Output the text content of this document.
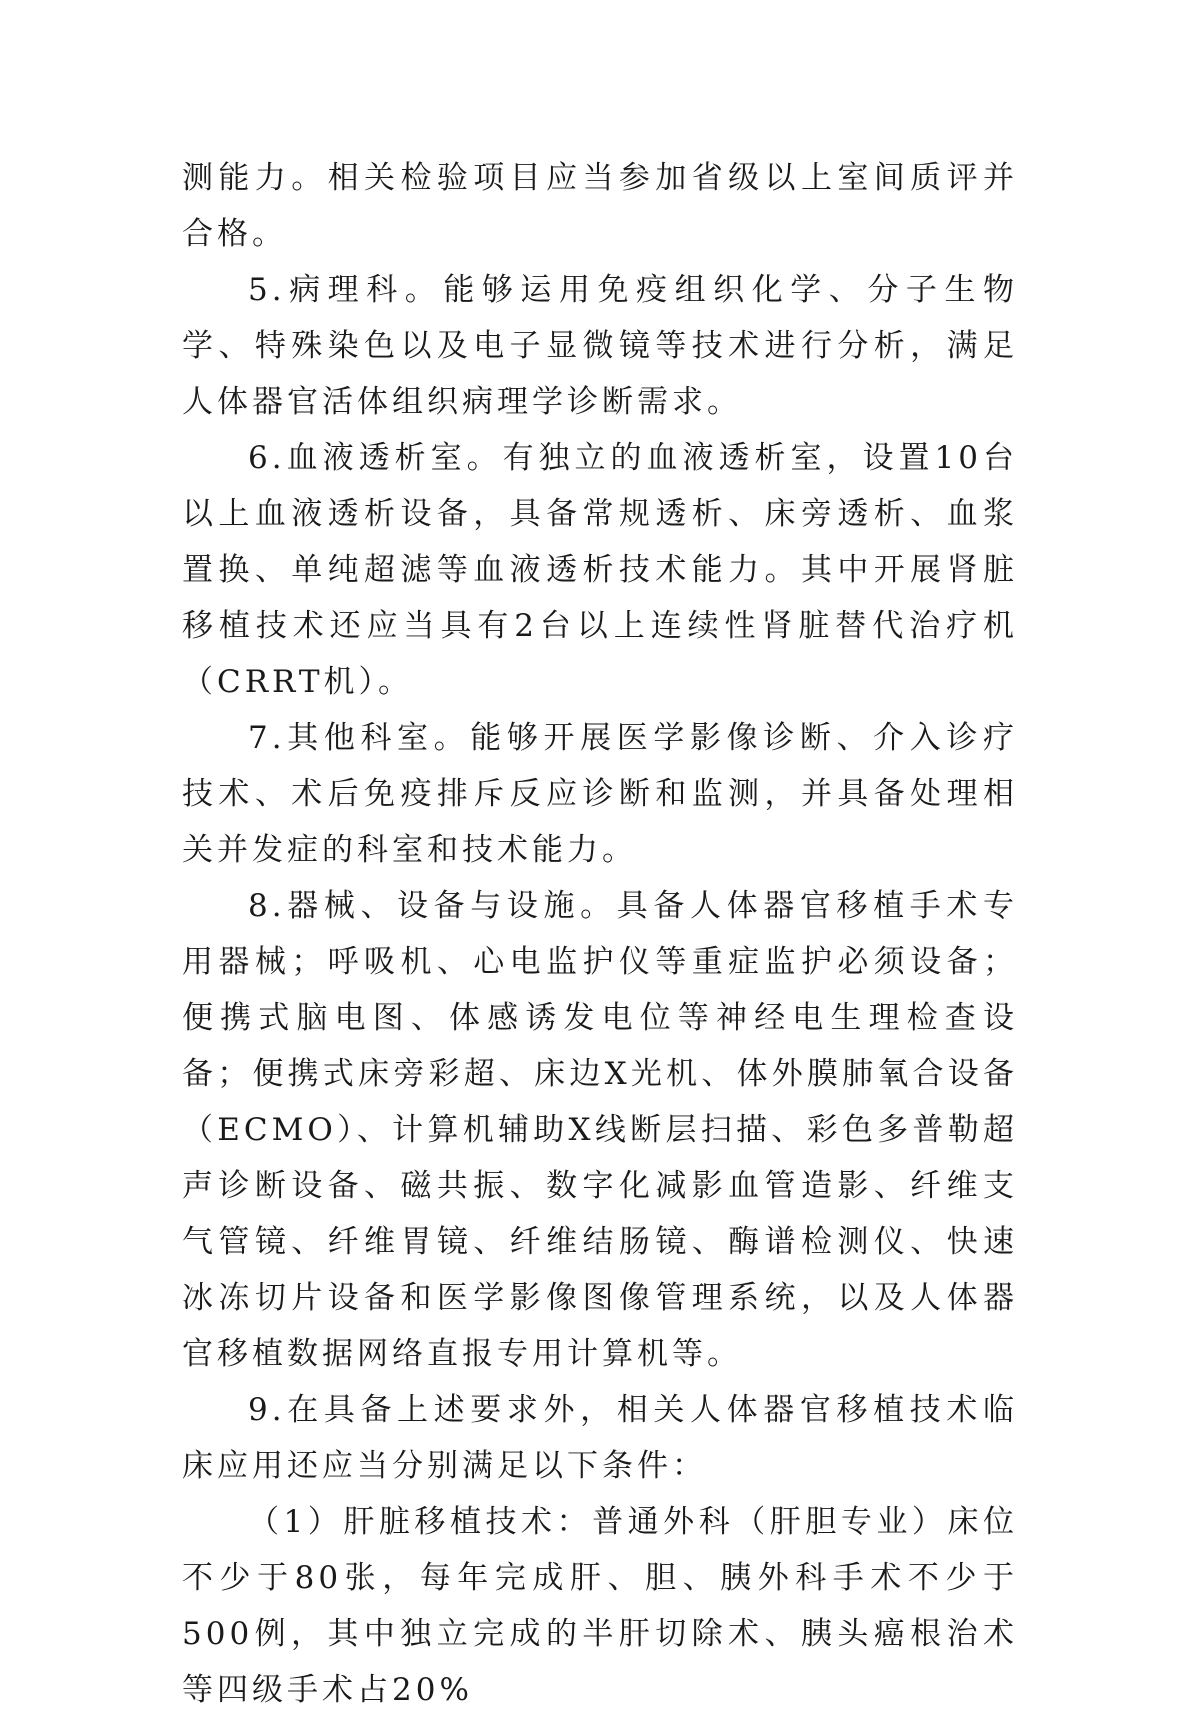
测能力。相关检验项目应当参加省级以上室间质评并合格。

5.病理科。能够运用免疫组织化学、分子生物学、特殊染色以及电子显微镜等技术进行分析，满足人体器官活体组织病理学诊断需求。

6.血液透析室。有独立的血液透析室，设置10台以上血液透析设备，具备常规透析、床旁透析、血浆置换、单纯超滤等血液透析技术能力。其中开展肾脏移植技术还应当具有2台以上连续性肾脏替代治疗机（CRRT机）。

7.其他科室。能够开展医学影像诊断、介入诊疗技术、术后免疫排斥反应诊断和监测，并具备处理相关并发症的科室和技术能力。

8.器械、设备与设施。具备人体器官移植手术专用器械；呼吸机、心电监护仪等重症监护必须设备；便携式脑电图、体感诱发电位等神经电生理检查设备；便携式床旁彩超、床边X光机、体外膜肺氧合设备（ECMO）、计算机辅助X线断层扫描、彩色多普勒超声诊断设备、磁共振、数字化减影血管造影、纤维支气管镜、纤维胃镜、纤维结肠镜、酶谱检测仪、快速冰冻切片设备和医学影像图像管理系统，以及人体器官移植数据网络直报专用计算机等。

9.在具备上述要求外，相关人体器官移植技术临床应用还应当分别满足以下条件：

（1）肝脏移植技术：普通外科（肝胆专业）床位不少于80张，每年完成肝、胆、胰外科手术不少于500例，其中独立完成的半肝切除术、胰头癌根治术等四级手术占20%
